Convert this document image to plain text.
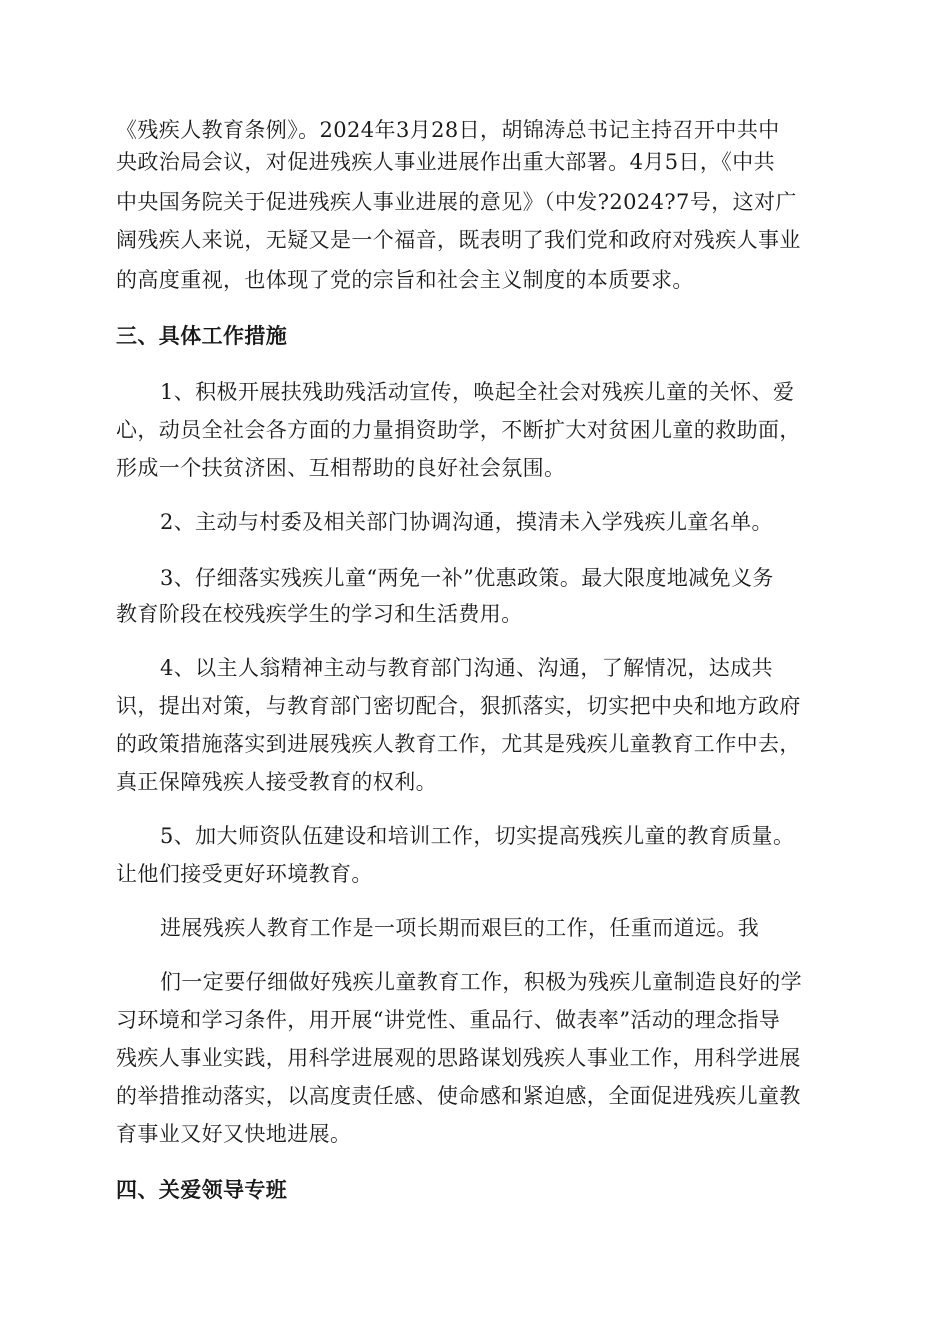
《残疾人教育条例》。2024年3月28日，胡锦涛总书记主持召开中共中
央政治局会议，对促进残疾人事业进展作出重大部署。4月5日，《中共
中央国务院关于促进残疾人事业进展的意见》（中发?2024?7号，这对广
阔残疾人来说，无疑又是一个福音，既表明了我们党和政府对残疾人事业
的高度重视，也体现了党的宗旨和社会主义制度的本质要求。
三、具体工作措施
1、积极开展扶残助残活动宣传，唤起全社会对残疾儿童的关怀、爱
心，动员全社会各方面的力量捐资助学，不断扩大对贫困儿童的救助面，
形成一个扶贫济困、互相帮助的良好社会氛围。
2、主动与村委及相关部门协调沟通，摸清未入学残疾儿童名单。
3、仔细落实残疾儿童“两免一补”优惠政策。最大限度地减免义务
教育阶段在校残疾学生的学习和生活费用。
4、以主人翁精神主动与教育部门沟通、沟通，了解情况，达成共
识，提出对策，与教育部门密切配合，狠抓落实，切实把中央和地方政府
的政策措施落实到进展残疾人教育工作，尤其是残疾儿童教育工作中去，
真正保障残疾人接受教育的权利。
5、加大师资队伍建设和培训工作，切实提高残疾儿童的教育质量。
让他们接受更好环境教育。
进展残疾人教育工作是一项长期而艰巨的工作，任重而道远。我
们一定要仔细做好残疾儿童教育工作，积极为残疾儿童制造良好的学
习环境和学习条件，用开展“讲党性、重品行、做表率”活动的理念指导
残疾人事业实践，用科学进展观的思路谋划残疾人事业工作，用科学进展
的举措推动落实，以高度责任感、使命感和紧迫感，全面促进残疾儿童教
育事业又好又快地进展。
四、关爱领导专班
